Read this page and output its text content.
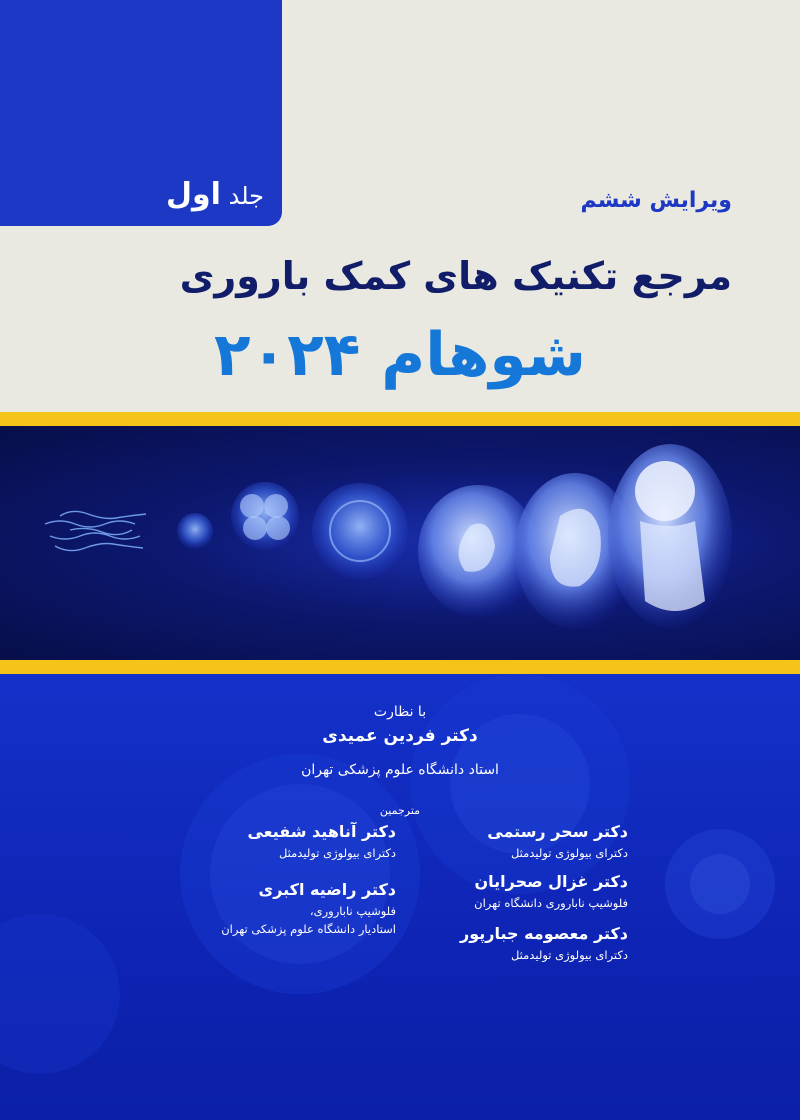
جلد اول	ویرایش ششم
مرجع تکنیک های کمک باروری
شوهام ۲۰۲۴
با نظارت
دکتر فردین عمیدی
استاد دانشگاه علوم پزشکی تهران
مترجمین
دکتر سحر رستمی
دکترای بیولوژی تولیدمثل
دکتر غزال صحرایان
فلوشیپ ناباروری دانشگاه تهران
دکتر معصومه جبارپور
دکترای بیولوژی تولیدمثل
دکتر آناهید شفیعی
دکترای بیولوژی تولیدمثل
دکتر راضیه اکبری
فلوشیپ ناباروری،
استادیار دانشگاه علوم پزشکی تهران
